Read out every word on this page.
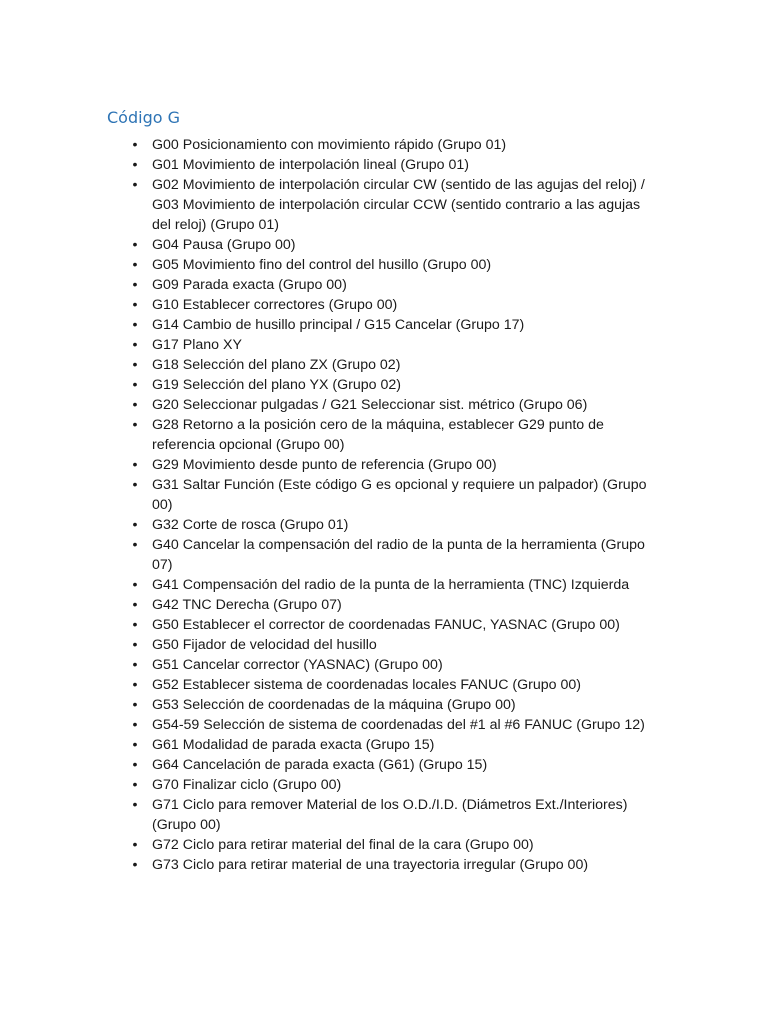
Código G
• G00 Posicionamiento con movimiento rápido (Grupo 01)
• G01 Movimiento de interpolación lineal (Grupo 01)
• G02 Movimiento de interpolación circular CW (sentido de las agujas del reloj) / G03 Movimiento de interpolación circular CCW (sentido contrario a las agujas del reloj) (Grupo 01)
• G04 Pausa (Grupo 00)
• G05 Movimiento fino del control del husillo (Grupo 00)
• G09 Parada exacta (Grupo 00)
• G10 Establecer correctores (Grupo 00)
• G14 Cambio de husillo principal / G15 Cancelar (Grupo 17)
• G17 Plano XY
• G18 Selección del plano ZX (Grupo 02)
• G19 Selección del plano YX (Grupo 02)
• G20 Seleccionar pulgadas / G21 Seleccionar sist. métrico (Grupo 06)
• G28 Retorno a la posición cero de la máquina, establecer G29 punto de referencia opcional (Grupo 00)
• G29 Movimiento desde punto de referencia (Grupo 00)
• G31 Saltar Función (Este código G es opcional y requiere un palpador) (Grupo 00)
• G32 Corte de rosca (Grupo 01)
• G40 Cancelar la compensación del radio de la punta de la herramienta (Grupo 07)
• G41 Compensación del radio de la punta de la herramienta (TNC) Izquierda
• G42 TNC Derecha (Grupo 07)
• G50 Establecer el corrector de coordenadas FANUC, YASNAC (Grupo 00)
• G50 Fijador de velocidad del husillo
• G51 Cancelar corrector (YASNAC) (Grupo 00)
• G52 Establecer sistema de coordenadas locales FANUC (Grupo 00)
• G53 Selección de coordenadas de la máquina (Grupo 00)
• G54-59 Selección de sistema de coordenadas del #1 al #6 FANUC (Grupo 12)
• G61 Modalidad de parada exacta (Grupo 15)
• G64 Cancelación de parada exacta (G61) (Grupo 15)
• G70 Finalizar ciclo (Grupo 00)
• G71 Ciclo para remover Material de los O.D./I.D. (Diámetros Ext./Interiores) (Grupo 00)
• G72 Ciclo para retirar material del final de la cara (Grupo 00)
• G73 Ciclo para retirar material de una trayectoria irregular (Grupo 00)
